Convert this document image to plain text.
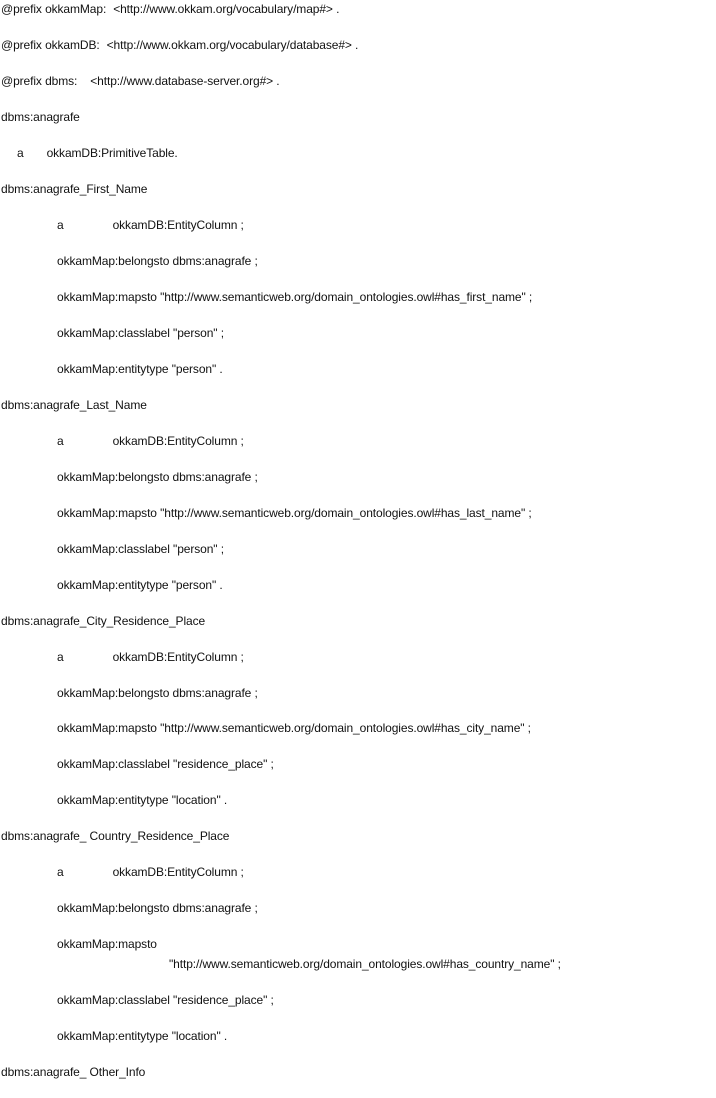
@prefix okkamMap: <http://www.okkam.org/vocabulary/map#> .
@prefix okkamDB: <http://www.okkam.org/vocabulary/database#> .
@prefix dbms: <http://www.database-server.org#> .
dbms:anagrafe
a okkamDB:PrimitiveTable.
dbms:anagrafe_First_Name
a	okkamDB:EntityColumn ;
okkamMap:belongsto dbms:anagrafe ;
okkamMap:mapsto "http://www.semanticweb.org/domain_ontologies.owl#has_first_name" ;
okkamMap:classlabel "person" ;
okkamMap:entitytype "person" .
dbms:anagrafe_Last_Name
a	okkamDB:EntityColumn ;
okkamMap:belongsto dbms:anagrafe ;
okkamMap:mapsto "http://www.semanticweb.org/domain_ontologies.owl#has_last_name" ;
okkamMap:classlabel "person" ;
okkamMap:entitytype "person" .
dbms:anagrafe_City_Residence_Place
a	okkamDB:EntityColumn ;
okkamMap:belongsto dbms:anagrafe ;
okkamMap:mapsto "http://www.semanticweb.org/domain_ontologies.owl#has_city_name" ;
okkamMap:classlabel "residence_place" ;
okkamMap:entitytype "location" .
dbms:anagrafe_ Country_Residence_Place
a	okkamDB:EntityColumn ;
okkamMap:belongsto dbms:anagrafe ;
okkamMap:mapsto
"http://www.semanticweb.org/domain_ontologies.owl#has_country_name" ;
okkamMap:classlabel "residence_place" ;
okkamMap:entitytype "location" .
dbms:anagrafe_ Other_Info
